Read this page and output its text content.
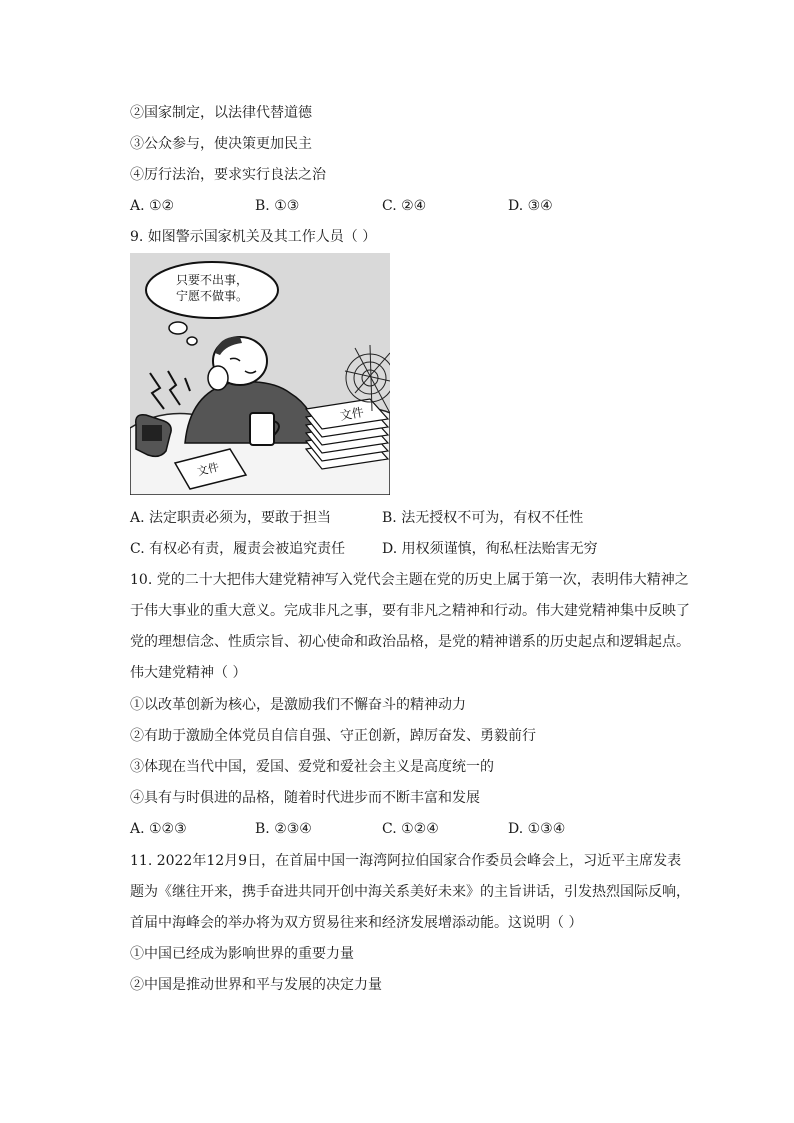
②国家制定，以法律代替道德
③公众参与，使决策更加民主
④厉行法治，要求实行良法之治
A. ①②	B. ①③	C. ②④	D. ③④
9. 如图警示国家机关及其工作人员（ ）
只要不出事，
宁愿不做事。
文件
文件
A. 法定职责必须为，要敢于担当	B. 法无授权不可为，有权不任性
C. 有权必有责，履责会被追究责任	D. 用权须谨慎，徇私枉法贻害无穷
10. 党的二十大把伟大建党精神写入党代会主题在党的历史上属于第一次，表明伟大精神之
于伟大事业的重大意义。完成非凡之事，要有非凡之精神和行动。伟大建党精神集中反映了
党的理想信念、性质宗旨、初心使命和政治品格，是党的精神谱系的历史起点和逻辑起点。
伟大建党精神（ ）
①以改革创新为核心，是激励我们不懈奋斗的精神动力
②有助于激励全体党员自信自强、守正创新，踔厉奋发、勇毅前行
③体现在当代中国，爱国、爱党和爱社会主义是高度统一的
④具有与时俱进的品格，随着时代进步而不断丰富和发展
A. ①②③	B. ②③④	C. ①②④	D. ①③④
11. 2022年12月9日，在首届中国一海湾阿拉伯国家合作委员会峰会上，习近平主席发表
题为《继往开来，携手奋进共同开创中海关系美好未来》的主旨讲话，引发热烈国际反响，
首届中海峰会的举办将为双方贸易往来和经济发展增添动能。这说明（ ）
①中国已经成为影响世界的重要力量
②中国是推动世界和平与发展的决定力量
